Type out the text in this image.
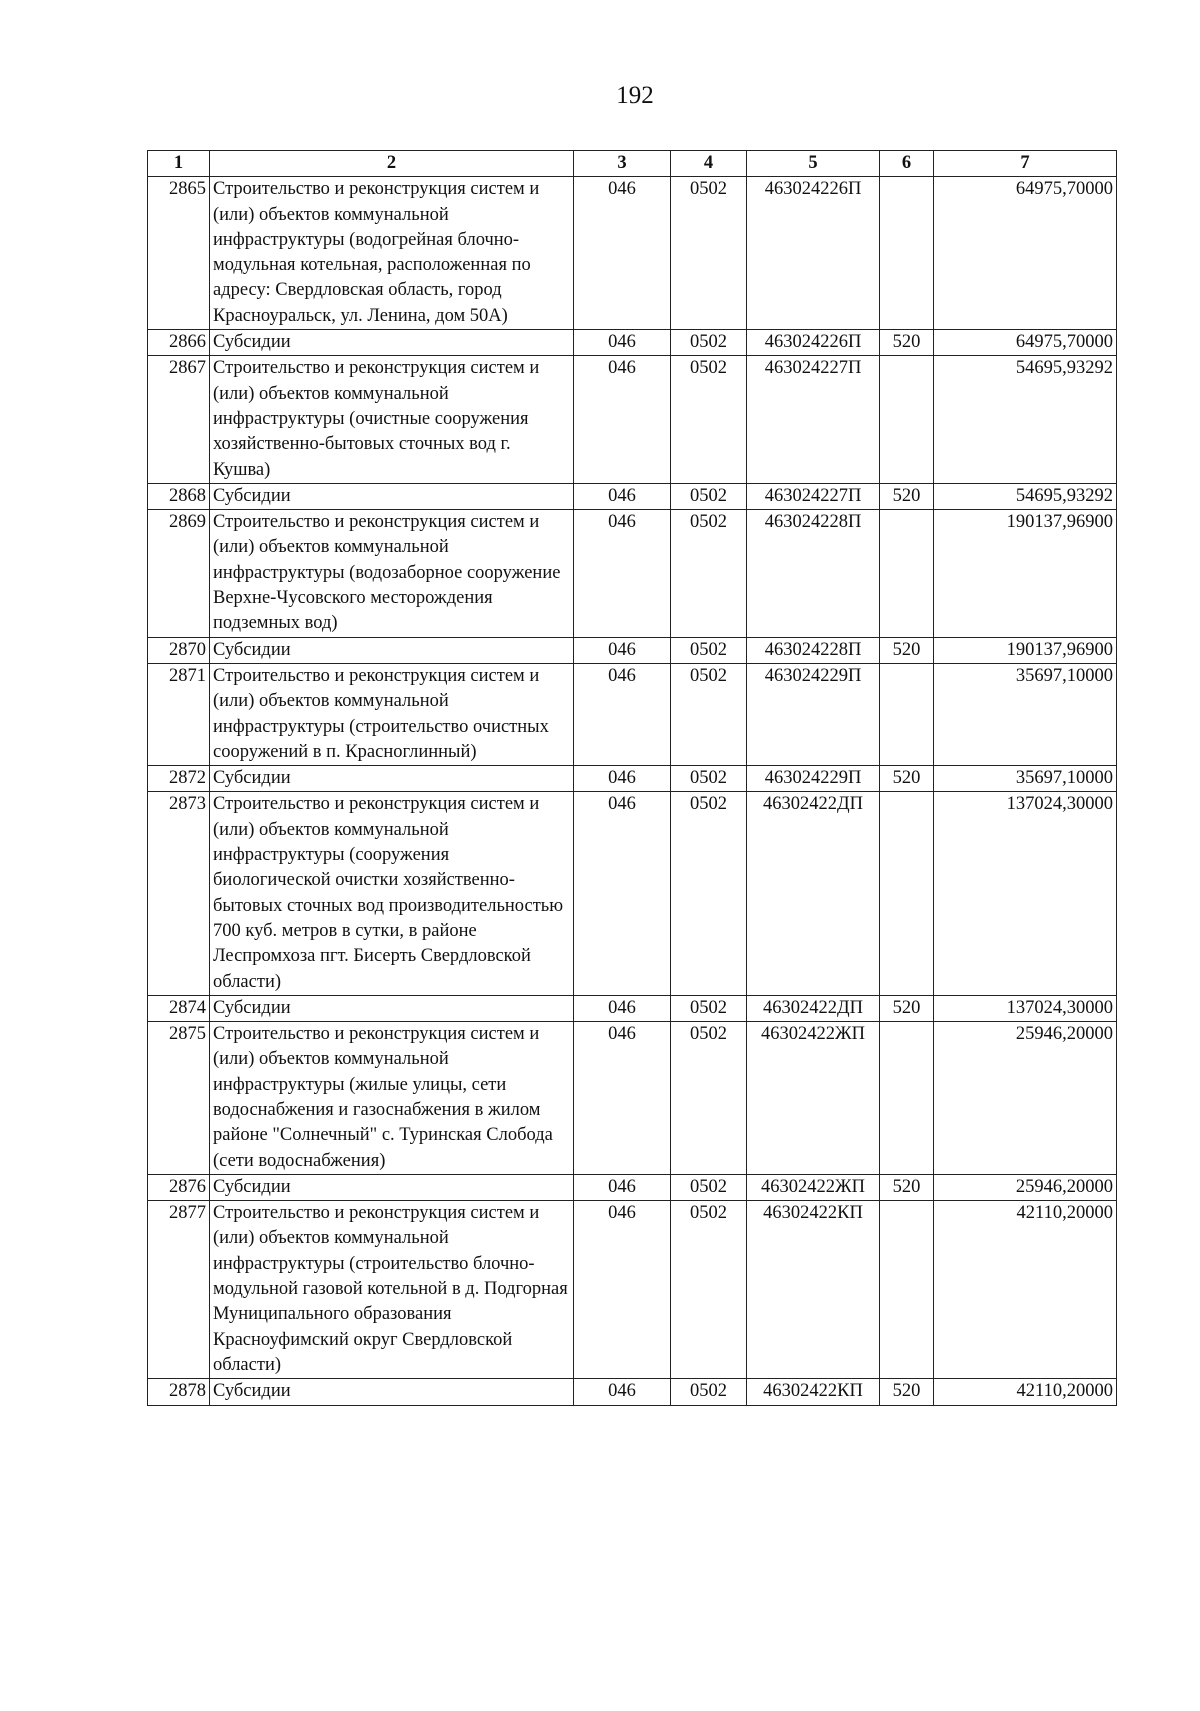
192
1	2	3	4	5	6	7
2865	Строительство и реконструкция систем и (или) объектов коммунальной инфраструктуры (водогрейная блочно-модульная котельная, расположенная по адресу: Свердловская область, город Красноуральск, ул. Ленина, дом 50А)	046	0502	463024226П		64975,70000
2866	Субсидии	046	0502	463024226П	520	64975,70000
2867	Строительство и реконструкция систем и (или) объектов коммунальной инфраструктуры (очистные сооружения хозяйственно-бытовых сточных вод г. Кушва)	046	0502	463024227П		54695,93292
2868	Субсидии	046	0502	463024227П	520	54695,93292
2869	Строительство и реконструкция систем и (или) объектов коммунальной инфраструктуры (водозаборное сооружение Верхне-Чусовского месторождения подземных вод)	046	0502	463024228П		190137,96900
2870	Субсидии	046	0502	463024228П	520	190137,96900
2871	Строительство и реконструкция систем и (или) объектов коммунальной инфраструктуры (строительство очистных сооружений в п. Красноглинный)	046	0502	463024229П		35697,10000
2872	Субсидии	046	0502	463024229П	520	35697,10000
2873	Строительство и реконструкция систем и (или) объектов коммунальной инфраструктуры (сооружения биологической очистки хозяйственно-бытовых сточных вод производительностью 700 куб. метров в сутки, в районе Леспромхоза пгт. Бисерть Свердловской области)	046	0502	46302422ДП		137024,30000
2874	Субсидии	046	0502	46302422ДП	520	137024,30000
2875	Строительство и реконструкция систем и (или) объектов коммунальной инфраструктуры (жилые улицы, сети водоснабжения и газоснабжения в жилом районе "Солнечный" с. Туринская Слобода (сети водоснабжения)	046	0502	46302422ЖП		25946,20000
2876	Субсидии	046	0502	46302422ЖП	520	25946,20000
2877	Строительство и реконструкция систем и (или) объектов коммунальной инфраструктуры (строительство блочно-модульной газовой котельной в д. Подгорная Муниципального образования Красноуфимский округ Свердловской области)	046	0502	46302422КП		42110,20000
2878	Субсидии	046	0502	46302422КП	520	42110,20000
